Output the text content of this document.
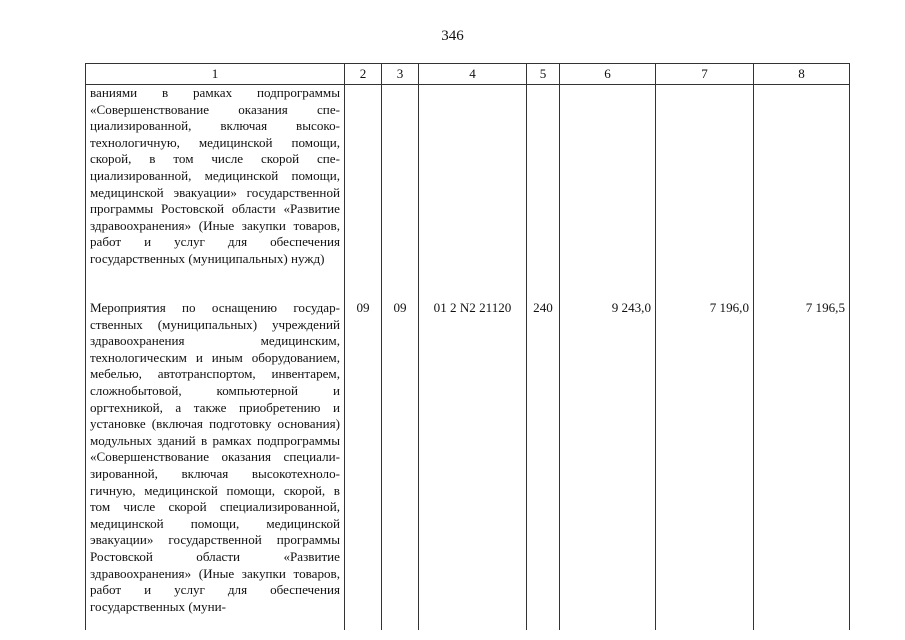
346
1	2	3	4	5	6	7	8
ваниями в рамках подпрограммы «Совершенствование оказания специализированной, включая высокотехнологичную, медицинской помощи, скорой, в том числе скорой специализированной, медицинской помощи, медицинской эвакуации» государственной программы Ростовской области «Развитие здравоохранения» (Иные закупки товаров, работ и услуг для обеспечения государственных (муниципальных) нужд)							
Мероприятия по оснащению государственных (муниципальных) учреждений здравоохранения медицинским, технологическим и иным оборудованием, мебелью, автотранспортом, инвентарем, сложнобытовой, компьютерной и оргтехникой, а также приобретению и установке (включая подготовку основания) модульных зданий в рамках подпрограммы «Совершенствование оказания специализированной, включая высокотехнологичную, медицинской помощи, скорой, в том числе скорой специализированной, медицинской помощи, медицинской эвакуации» государственной программы Ростовской области «Развитие здравоохранения» (Иные закупки товаров, работ и услуг для обеспечения государственных (муни-	09	09	01 2 N2 21120	240	9 243,0	7 196,0	7 196,5
